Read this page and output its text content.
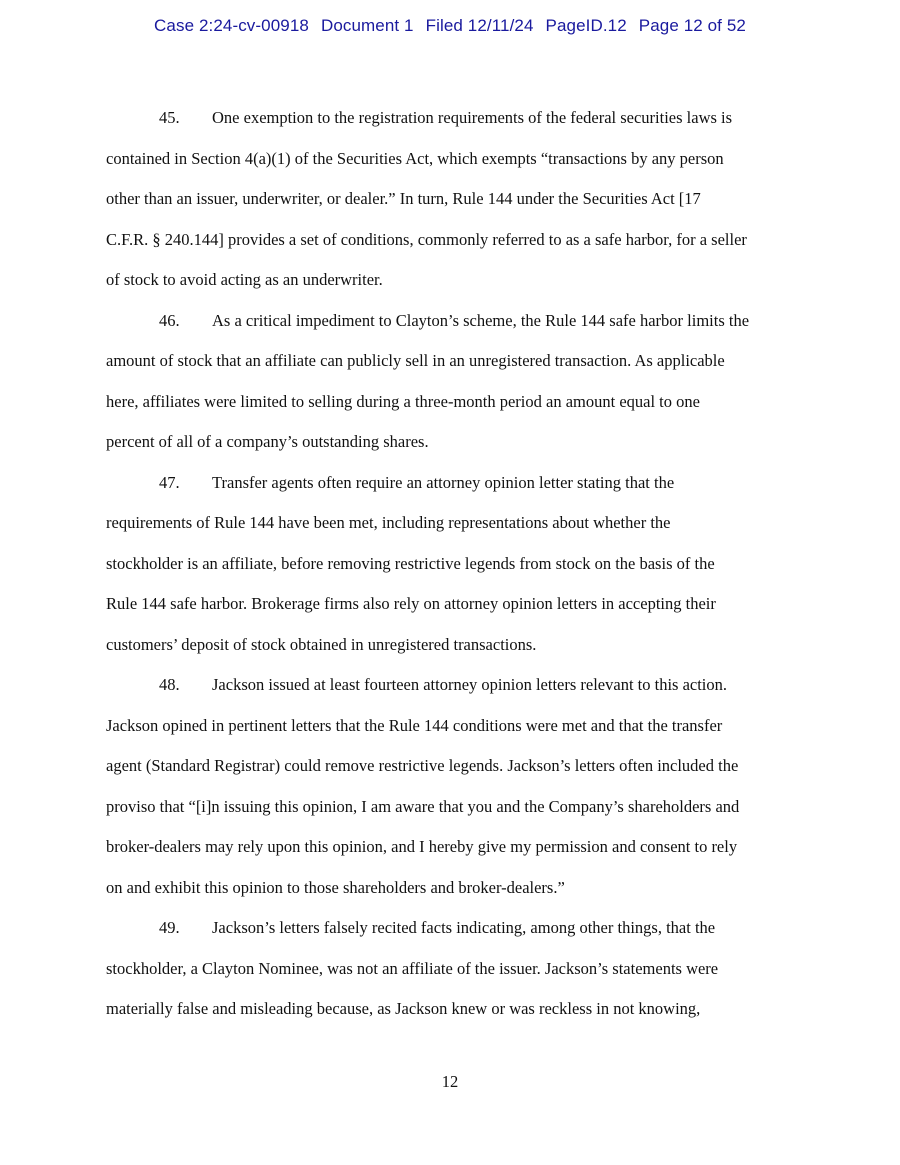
Case 2:24-cv-00918 Document 1 Filed 12/11/24 PageID.12 Page 12 of 52
45. One exemption to the registration requirements of the federal securities laws is
contained in Section 4(a)(1) of the Securities Act, which exempts “transactions by any person
other than an issuer, underwriter, or dealer.” In turn, Rule 144 under the Securities Act [17
C.F.R. § 240.144] provides a set of conditions, commonly referred to as a safe harbor, for a seller
of stock to avoid acting as an underwriter.
46. As a critical impediment to Clayton’s scheme, the Rule 144 safe harbor limits the
amount of stock that an affiliate can publicly sell in an unregistered transaction. As applicable
here, affiliates were limited to selling during a three-month period an amount equal to one
percent of all of a company’s outstanding shares.
47. Transfer agents often require an attorney opinion letter stating that the
requirements of Rule 144 have been met, including representations about whether the
stockholder is an affiliate, before removing restrictive legends from stock on the basis of the
Rule 144 safe harbor. Brokerage firms also rely on attorney opinion letters in accepting their
customers’ deposit of stock obtained in unregistered transactions.
48. Jackson issued at least fourteen attorney opinion letters relevant to this action.
Jackson opined in pertinent letters that the Rule 144 conditions were met and that the transfer
agent (Standard Registrar) could remove restrictive legends. Jackson’s letters often included the
proviso that “[i]n issuing this opinion, I am aware that you and the Company’s shareholders and
broker-dealers may rely upon this opinion, and I hereby give my permission and consent to rely
on and exhibit this opinion to those shareholders and broker-dealers.”
49. Jackson’s letters falsely recited facts indicating, among other things, that the
stockholder, a Clayton Nominee, was not an affiliate of the issuer. Jackson’s statements were
materially false and misleading because, as Jackson knew or was reckless in not knowing,
12
